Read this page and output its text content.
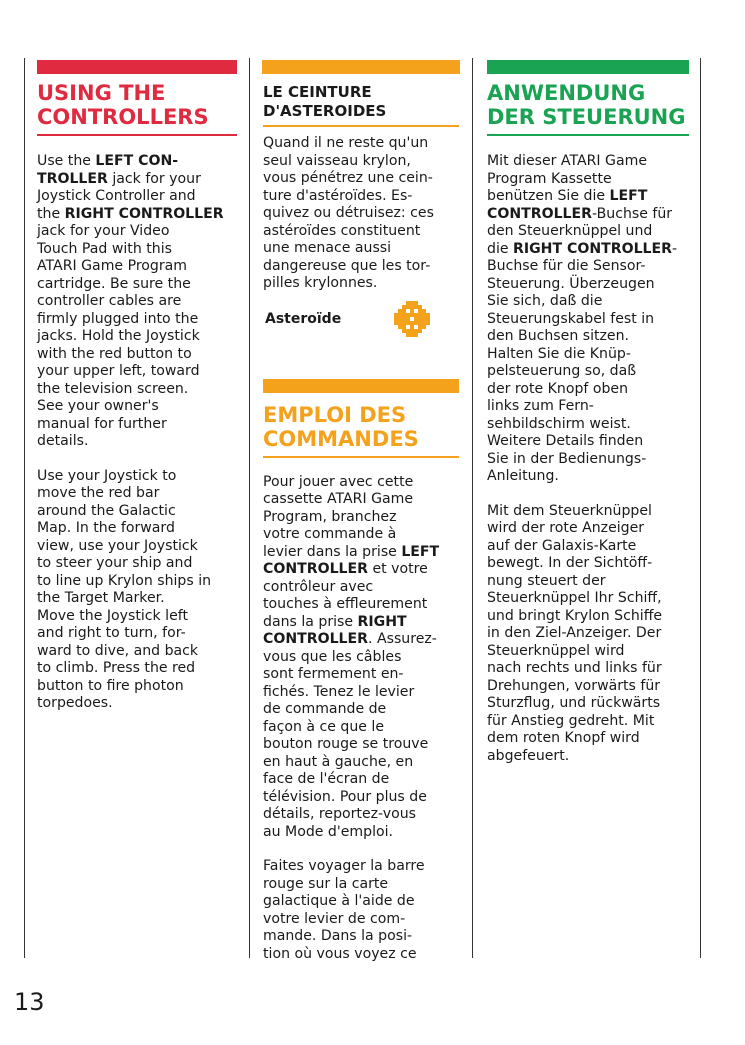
USING THE
CONTROLLERS

Use the LEFT CON-
TROLLER jack for your
Joystick Controller and
the RIGHT CONTROLLER
jack for your Video
Touch Pad with this
ATARI Game Program
cartridge. Be sure the
controller cables are
firmly plugged into the
jacks. Hold the Joystick
with the red button to
your upper left, toward
the television screen.
See your owner's
manual for further
details.

Use your Joystick to
move the red bar
around the Galactic
Map. In the forward
view, use your Joystick
to steer your ship and
to line up Krylon ships in
the Target Marker.
Move the Joystick left
and right to turn, for-
ward to dive, and back
to climb. Press the red
button to fire photon
torpedoes.

LE CEINTURE
D'ASTEROIDES

Quand il ne reste qu'un
seul vaisseau krylon,
vous pénétrez une cein-
ture d'astéroïdes. Es-
quivez ou détruisez: ces
astéroïdes constituent
une menace aussi
dangereuse que les tor-
pilles krylonnes.

Asteroïde
EMPLOI DES
COMMANDES

Pour jouer avec cette
cassette ATARI Game
Program, branchez
votre commande à
levier dans la prise LEFT
CONTROLLER et votre
contrôleur avec
touches à effleurement
dans la prise RIGHT
CONTROLLER. Assurez-
vous que les câbles
sont fermement en-
fichés. Tenez le levier
de commande de
façon à ce que le
bouton rouge se trouve
en haut à gauche, en
face de l'écran de
télévision. Pour plus de
détails, reportez-vous
au Mode d'emploi.

Faites voyager la barre
rouge sur la carte
galactique à l'aide de
votre levier de com-
mande. Dans la posi-
tion où vous voyez ce

ANWENDUNG
DER STEUERUNG

Mit dieser ATARI Game
Program Kassette
benützen Sie die LEFT
CONTROLLER-Buchse für
den Steuerknüppel und
die RIGHT CONTROLLER-
Buchse für die Sensor-
Steuerung. Überzeugen
Sie sich, daß die
Steuerungskabel fest in
den Buchsen sitzen.
Halten Sie die Knüp-
pelsteuerung so, daß
der rote Knopf oben
links zum Fern-
sehbildschirm weist.
Weitere Details finden
Sie in der Bedienungs-
Anleitung.

Mit dem Steuerknüppel
wird der rote Anzeiger
auf der Galaxis-Karte
bewegt. In der Sichtöff-
nung steuert der
Steuerknüppel Ihr Schiff,
und bringt Krylon Schiffe
in den Ziel-Anzeiger. Der
Steuerknüppel wird
nach rechts und links für
Drehungen, vorwärts für
Sturzflug, und rückwärts
für Anstieg gedreht. Mit
dem roten Knopf wird
abgefeuert.

13
